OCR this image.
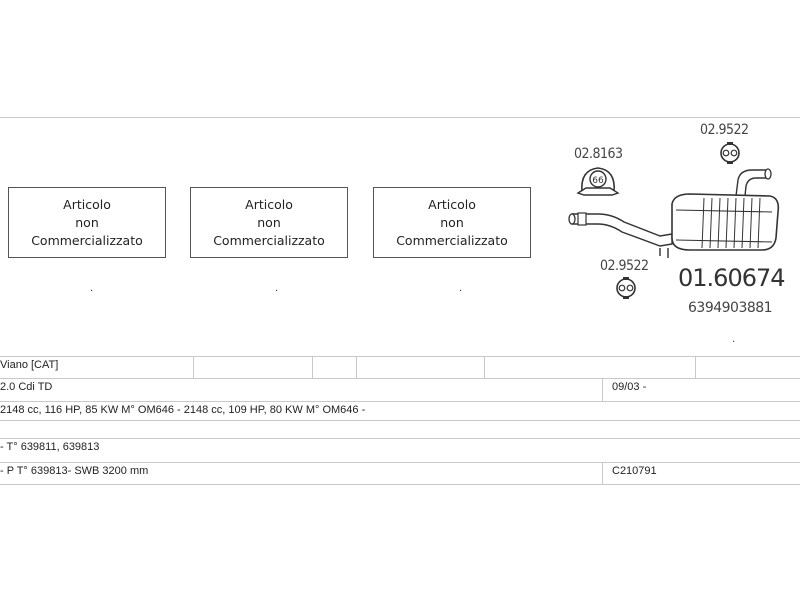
Articolo
non
Commercializzato
Articolo
non
Commercializzato
Articolo
non
Commercializzato
.	.	.
.
02.8163
02.9522
02.9522 01.60674
6394903881
66
Viano [CAT]
2.0 Cdi TD	09/03 -
2148 cc, 116 HP, 85 KW M° OM646 - 2148 cc, 109 HP, 80 KW M° OM646 -
- T° 639811, 639813
- P T° 639813- SWB 3200 mm	C210791
